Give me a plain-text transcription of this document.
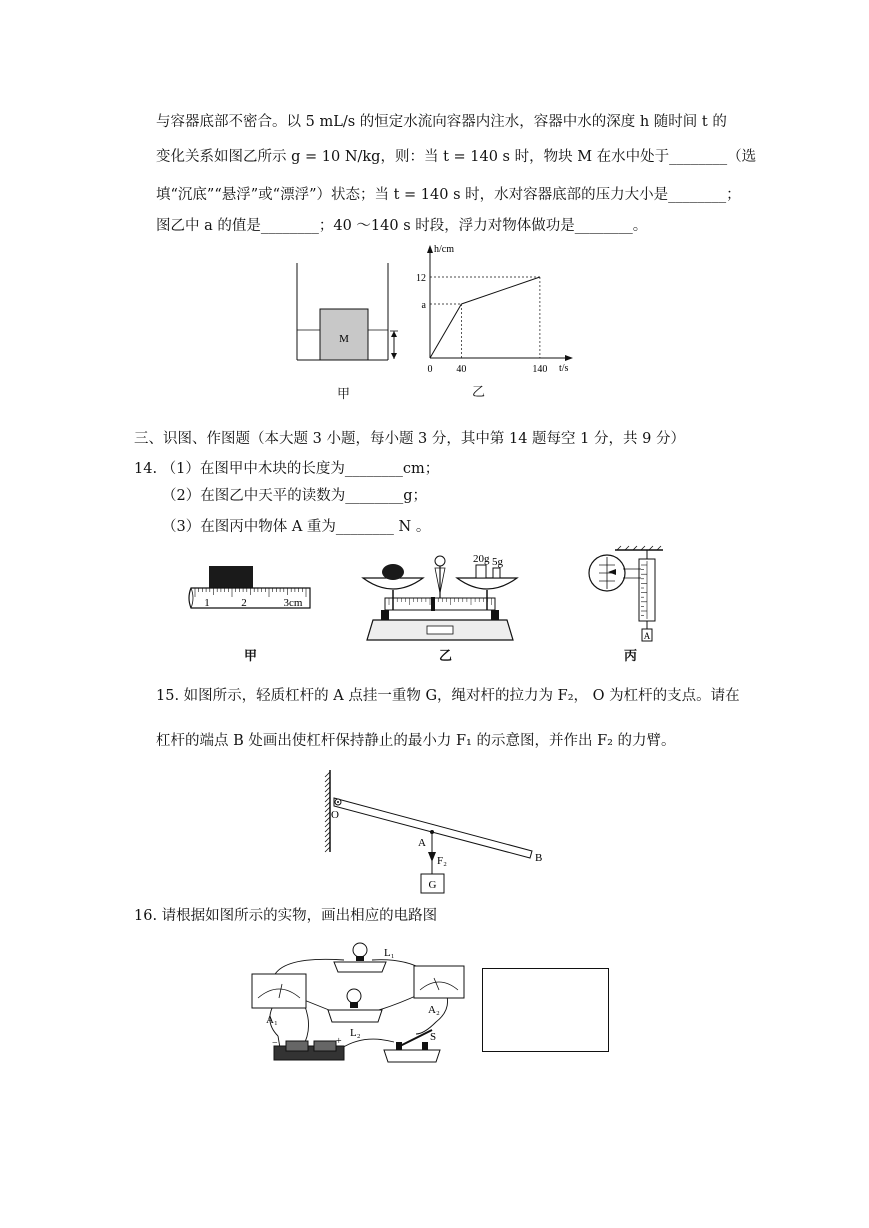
与容器底部不密合。以 5 mL/s 的恒定水流向容器内注水，容器中水的深度 h 随时间 t 的
变化关系如图乙所示 g = 10 N/kg，则：当 t = 140 s 时，物块 M 在水中处于________（选
填“沉底”“悬浮”或“漂浮”）状态；当 t = 140 s 时，水对容器底部的压力大小是________；
图乙中 a 的值是________；40 ～140 s 时段，浮力对物体做功是________。
M
甲
h/cm
t/s
0 40	140
a
12
乙
三、识图、作图题（本大题 3 小题，每小题 3 分，其中第 14 题每空 1 分，共 9 分）
14. （1）在图甲中木块的长度为________cm；
（2）在图乙中天平的读数为________g；
（3）在图丙中物体 A 重为________ N 。
1	2	3cm
甲
20g 5g
乙
A
丙
15. 如图所示，轻质杠杆的 A 点挂一重物 G，绳对杆的拉力为 F₂， O 为杠杆的支点。请在
杠杆的端点 B 处画出使杠杆保持静止的最小力 F₁ 的示意图，并作出 F₂ 的力臂。
O
A
F₂
G
B
16. 请根据如图所示的实物，画出相应的电路图
A₁
A₂
L₁
L₂
−	+	S
